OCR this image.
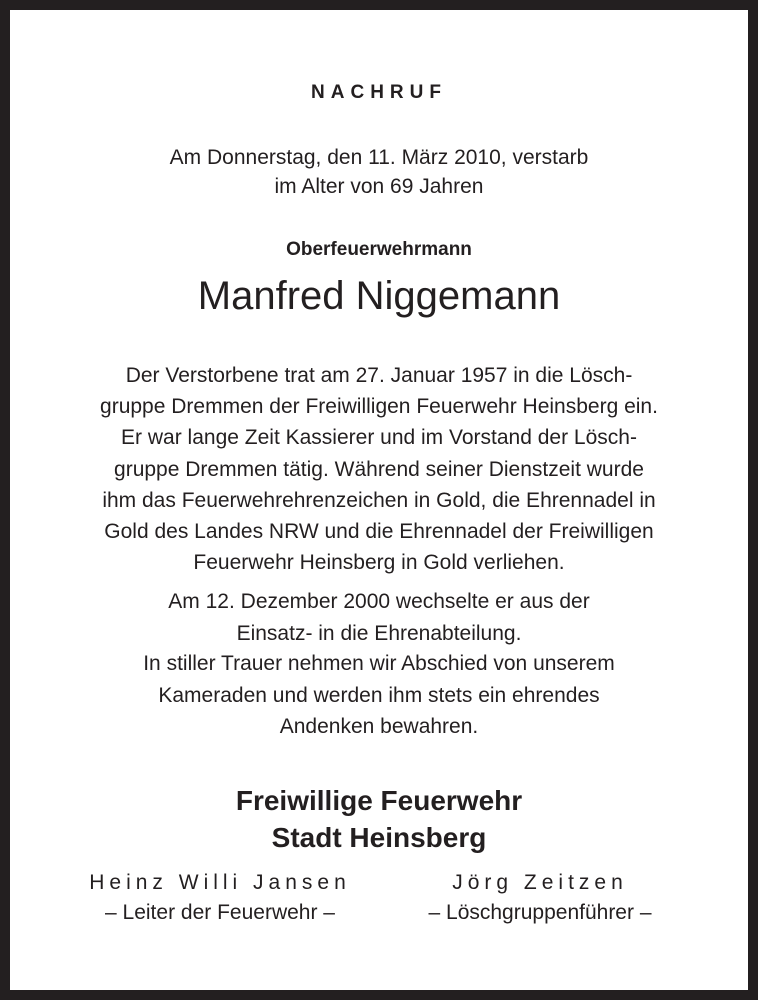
NACHRUF
Am Donnerstag, den 11. März 2010, verstarb
im Alter von 69 Jahren
Oberfeuerwehrmann
Manfred Niggemann
Der Verstorbene trat am 27. Januar 1957 in die Lösch-
gruppe Dremmen der Freiwilligen Feuerwehr Heinsberg ein.
Er war lange Zeit Kassierer und im Vorstand der Lösch-
gruppe Dremmen tätig. Während seiner Dienstzeit wurde
ihm das Feuerwehrehrenzeichen in Gold, die Ehrennadel in
Gold des Landes NRW und die Ehrennadel der Freiwilligen
Feuerwehr Heinsberg in Gold verliehen.
Am 12. Dezember 2000 wechselte er aus der
Einsatz- in die Ehrenabteilung.
In stiller Trauer nehmen wir Abschied von unserem
Kameraden und werden ihm stets ein ehrendes
Andenken bewahren.
Freiwillige Feuerwehr
Stadt Heinsberg
Heinz Willi Jansen
– Leiter der Feuerwehr –
Jörg Zeitzen
– Löschgruppenführer –
